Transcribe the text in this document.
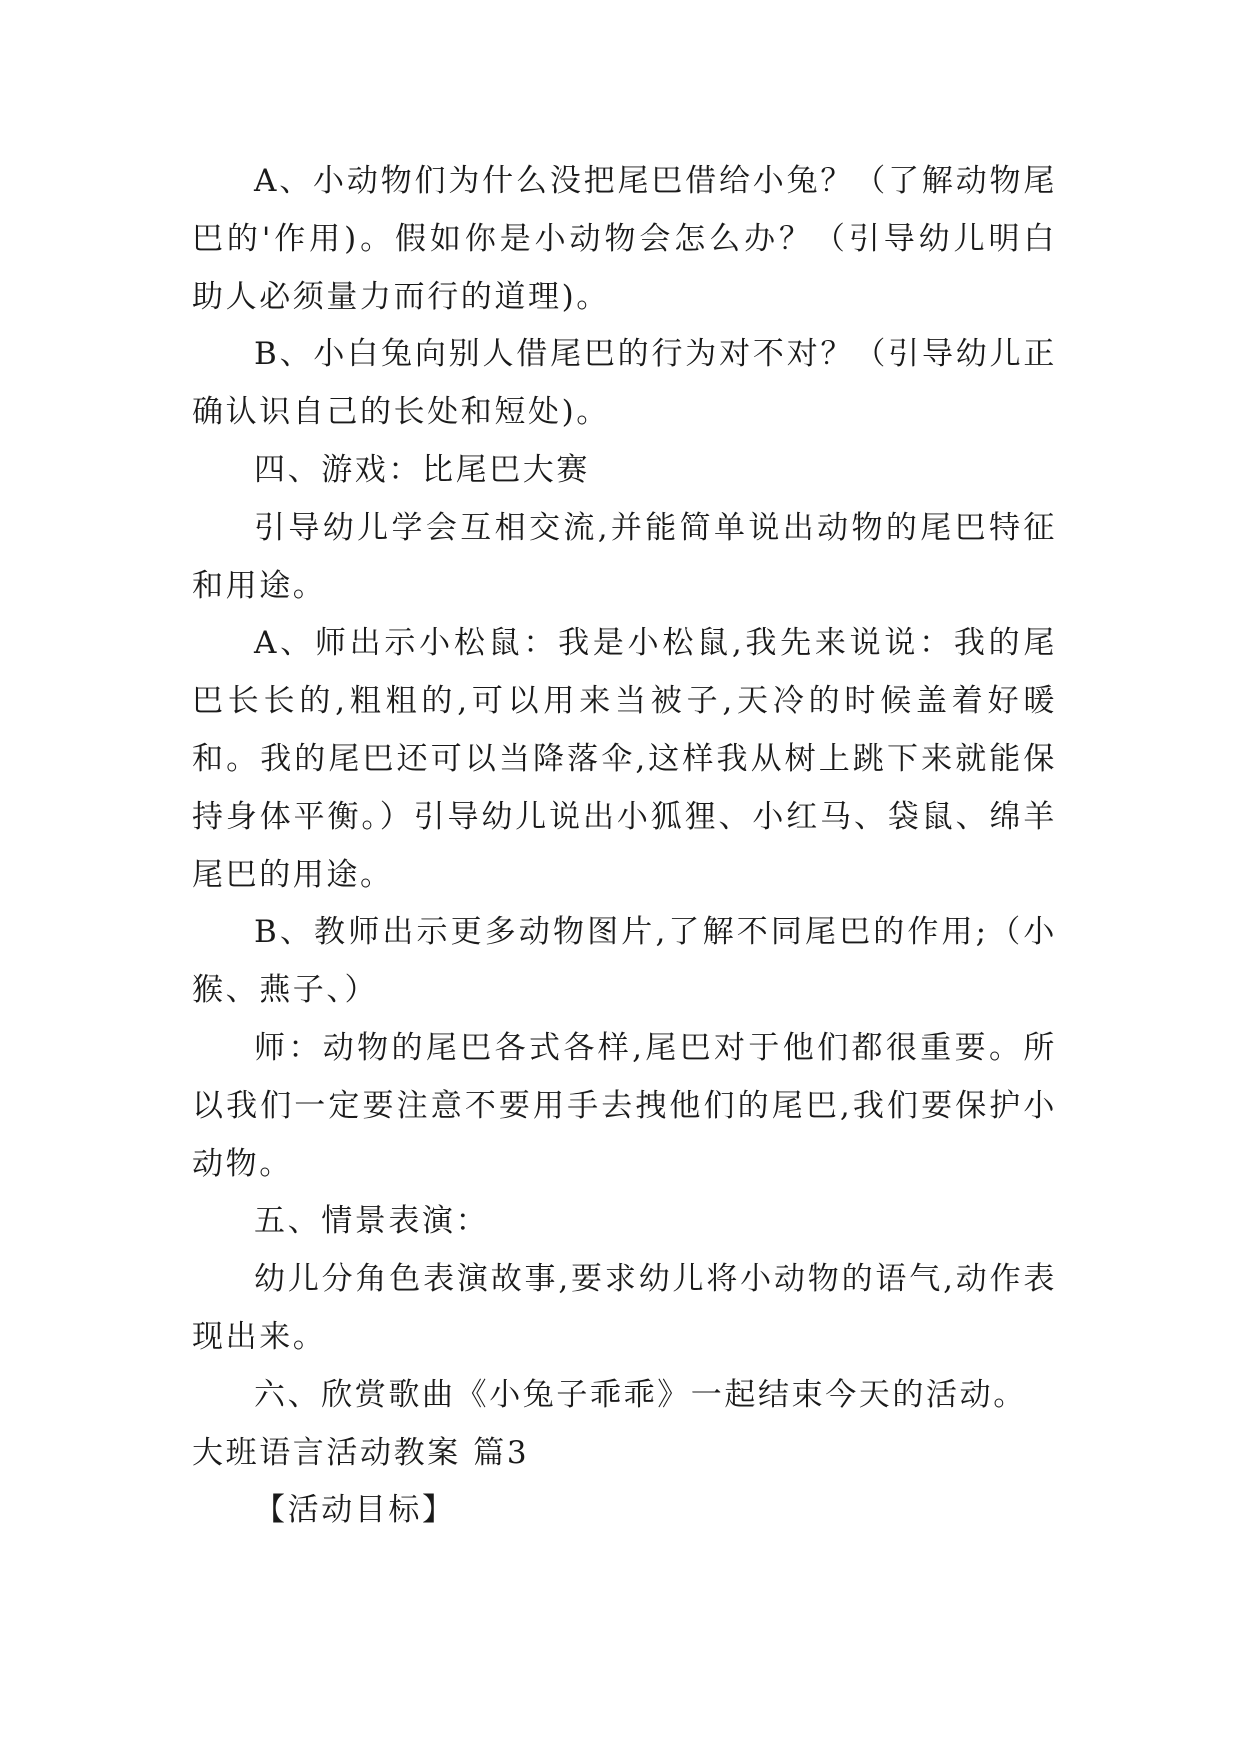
A、小动物们为什么没把尾巴借给小兔？（了解动物尾巴的'作用)。假如你是小动物会怎么办？（引导幼儿明白助人必须量力而行的道理)。

B、小白兔向别人借尾巴的行为对不对？（引导幼儿正确认识自己的长处和短处)。

四、游戏：比尾巴大赛

引导幼儿学会互相交流,并能简单说出动物的尾巴特征和用途。

A、师出示小松鼠：我是小松鼠,我先来说说：我的尾巴长长的,粗粗的,可以用来当被子,天冷的时候盖着好暖和。我的尾巴还可以当降落伞,这样我从树上跳下来就能保持身体平衡。）引导幼儿说出小狐狸、小红马、袋鼠、绵羊尾巴的用途。

B、教师出示更多动物图片,了解不同尾巴的作用;（小猴、燕子、）

师：动物的尾巴各式各样,尾巴对于他们都很重要。所以我们一定要注意不要用手去拽他们的尾巴,我们要保护小动物。

五、情景表演：

幼儿分角色表演故事,要求幼儿将小动物的语气,动作表现出来。

六、欣赏歌曲《小兔子乖乖》一起结束今天的活动。

大班语言活动教案 篇3

【活动目标】
